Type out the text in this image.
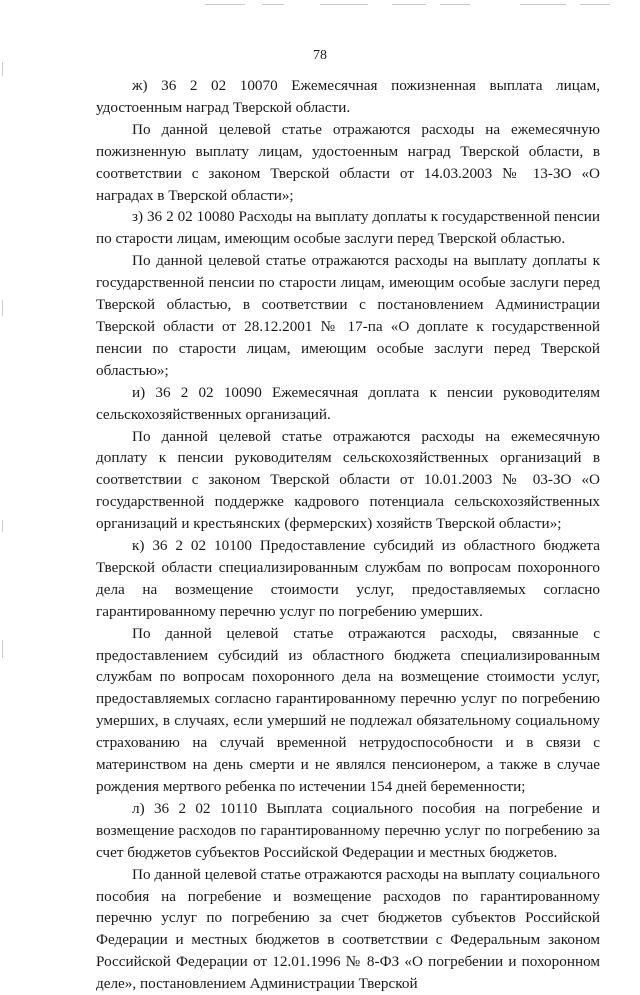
78

ж) 36 2 02 10070 Ежемесячная пожизненная выплата лицам, удостоенным наград Тверской области.

По данной целевой статье отражаются расходы на ежемесячную пожизненную выплату лицам, удостоенным наград Тверской области, в соответствии с законом Тверской области от 14.03.2003 № 13-ЗО «О наградах в Тверской области»;

з) 36 2 02 10080 Расходы на выплату доплаты к государственной пенсии по старости лицам, имеющим особые заслуги перед Тверской областью.

По данной целевой статье отражаются расходы на выплату доплаты к государственной пенсии по старости лицам, имеющим особые заслуги перед Тверской областью, в соответствии с постановлением Администрации Тверской области от 28.12.2001 № 17-па «О доплате к государственной пенсии по старости лицам, имеющим особые заслуги перед Тверской областью»;

и) 36 2 02 10090 Ежемесячная доплата к пенсии руководителям сельскохозяйственных организаций.

По данной целевой статье отражаются расходы на ежемесячную доплату к пенсии руководителям сельскохозяйственных организаций в соответствии с законом Тверской области от 10.01.2003 № 03-ЗО «О государственной поддержке кадрового потенциала сельскохозяйственных организаций и крестьянских (фермерских) хозяйств Тверской области»;

к) 36 2 02 10100 Предоставление субсидий из областного бюджета Тверской области специализированным службам по вопросам похоронного дела на возмещение стоимости услуг, предоставляемых согласно гарантированному перечню услуг по погребению умерших.

По данной целевой статье отражаются расходы, связанные с предоставлением субсидий из областного бюджета специализированным службам по вопросам похоронного дела на возмещение стоимости услуг, предоставляемых согласно гарантированному перечню услуг по погребению умерших, в случаях, если умерший не подлежал обязательному социальному страхованию на случай временной нетрудоспособности и в связи с материнством на день смерти и не являлся пенсионером, а также в случае рождения мертвого ребенка по истечении 154 дней беременности;

л) 36 2 02 10110 Выплата социального пособия на погребение и возмещение расходов по гарантированному перечню услуг по погребению за счет бюджетов субъектов Российской Федерации и местных бюджетов.

По данной целевой статье отражаются расходы на выплату социального пособия на погребение и возмещение расходов по гарантированному перечню услуг по погребению за счет бюджетов субъектов Российской Федерации и местных бюджетов в соответствии с Федеральным законом Российской Федерации от 12.01.1996 № 8-ФЗ «О погребении и похоронном деле», постановлением Администрации Тверской
